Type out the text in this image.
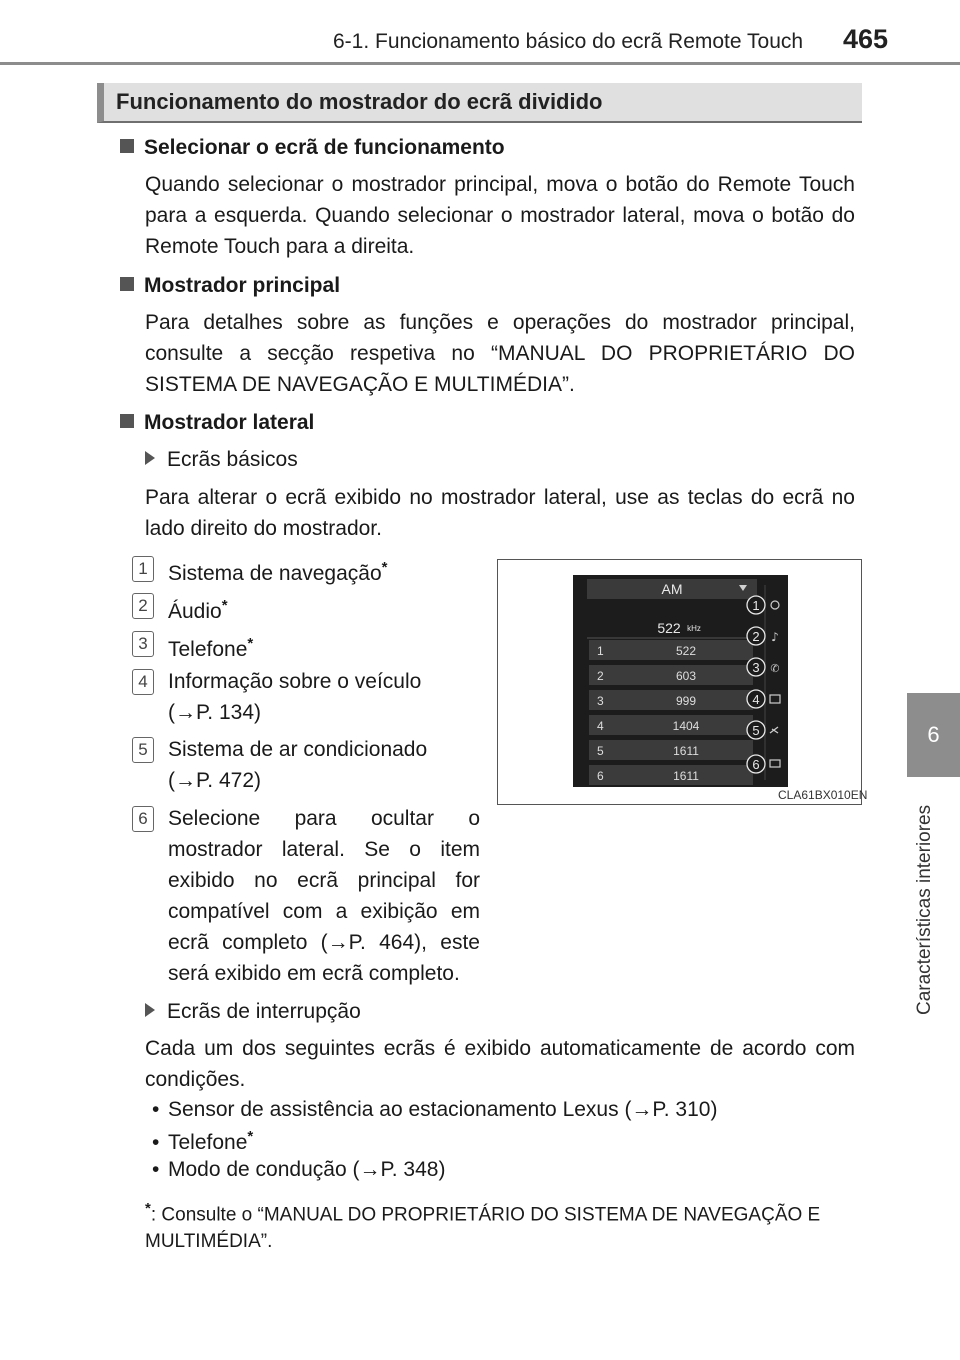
6-1. Funcionamento básico do ecrã Remote Touch 465
6
Características interiores
Funcionamento do mostrador do ecrã dividido
Selecionar o ecrã de funcionamento
Quando selecionar o mostrador principal, mova o botão do Remote Touch para a esquerda. Quando selecionar o mostrador lateral, mova o botão do Remote Touch para a direita.
Mostrador principal
Para detalhes sobre as funções e operações do mostrador principal, consulte a secção respetiva no “MANUAL DO PROPRIETÁRIO DO SISTEMA DE NAVEGAÇÃO E MULTIMÉDIA”.
Mostrador lateral
Ecrãs básicos
Para alterar o ecrã exibido no mostrador lateral, use as teclas do ecrã no lado direito do mostrador.
1 Sistema de navegação*
2 Áudio*
3 Telefone*
4 Informação sobre o veículo
(→P. 134)
5 Sistema de ar condicionado
(→P. 472)
6 Selecione para ocultar o mostrador lateral. Se o item exibido no ecrã principal for compatível com a exibição em ecrã completo (→P. 464), este será exibido em ecrã completo.
AM
522 kHz
1	522
2	603
3	999
4	1404
5	1611
6	1611
♪
✆
1
2
3
4
5
6
CLA61BX010EN
Ecrãs de interrupção
Cada um dos seguintes ecrãs é exibido automaticamente de acordo com condições.
• Sensor de assistência ao estacionamento Lexus (→P. 310)
• Telefone*
• Modo de condução (→P. 348)
*: Consulte o “MANUAL DO PROPRIETÁRIO DO SISTEMA DE NAVEGAÇÃO E MULTIMÉDIA”.
